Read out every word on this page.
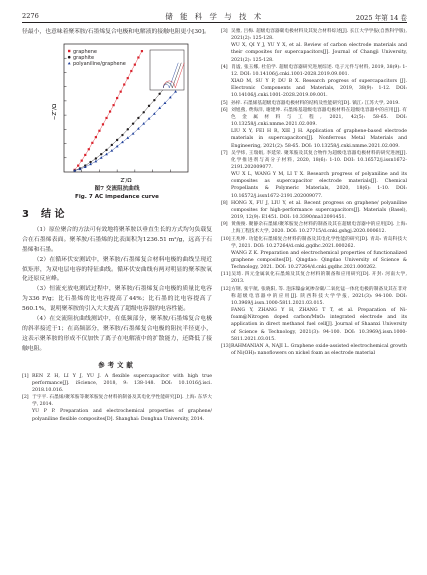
2276	储 能 科 学 与 技 术	2025 年第 14 卷

径最小，也意味着聚苯胺/石墨烯复合电极和电解液的接触电阻更小[30]。

−Z″/Ω
Z′/Ω
graphene
graphite
polyaniline/graphene

图7 交流阻抗曲线

Fig. 7 AC impedance curve

3 结 论

（1）原位聚合的方法可有效地将聚苯胺以垂直生长的方式均匀负载复合在石墨烯表面。聚苯胺/石墨烯的比表面积为1236.51 m²/g，远高于石墨烯和石墨。

（2）在循环伏安测试中，聚苯胺/石墨烯复合材料电极的曲线呈现近似矩形，为双电层电容的特征曲线。循环伏安曲线有两对明显的聚苯胺氧化还原反应峰。

（3）恒流充放电测试过程中，聚苯胺/石墨烯复合电极的质量比电容为336 F/g；比石墨烯的比电容提高了44%；比石墨的比电容提高了560.1%，说明聚苯胺的引入大大提高了超级电容器的电容性能。

（4）在交流阻抗曲线测试中，在低频部分，聚苯胺/石墨烯复合电极的斜率接近于1；在高频部分，聚苯胺/石墨烯复合电极的阻抗半径更小，这表示聚苯胺的形成不仅加快了离子在电解液中的扩散能力，还降低了接触电阻。

参考文献

[1] REN Z H, LI Y J, YU J. A flexible supercapacitor with high true performance[J]. iScience, 2018, 9: 138-148. DOI: 10.1016/j.isci. 2018.10.016.
[2] 于宇平. 石墨烯/聚苯胺等聚苯胺复合材料的制备及其电化学性能研究[D]. 上海: 东华大学, 2014.
YU P P. Preparation and electrochemical properties of graphene/ polyaniline flexible composites[D]. Shanghai: Donghua University, 2014.
[3] 吴雅, 吕梅. 超级电容器碳电极材料及其复合材料综述[J]. 长江大学学报(自然科学版), 2021(2): 125-128.
WU X, QI Y J, YU Y X, et al. Review of carbon electrode materials and their composites for supercapacitors[J]. Journal of Changji University, 2021(2): 125-128.
[4] 肖谧, 张玉娜, 杜伯学. 超级电容器研究进展综述. 电子元件与材料, 2019, 38(9): 1-12. DOI: 10.14106/j.cnki.1001-2028.2019.09.001.
XIAO M, SU Y P, DU B X. Research progress of supercapacitors [J]. Electronic Components and Materials, 2019, 38(9): 1-12. DOI: 10.14106/j.cnki.1001-2028.2019.09.001.
[5] 孙梓. 石墨烯基超级电容器电极材料的结构及性能研究[D]. 镇江: 江苏大学, 2019.
[6] 刘旭燕, 费海洋, 谢建坤. 石墨烯基超级电容器电极材料在超级电容器中的应用[J]. 有色金属材料与工程, 2021, 42(5): 58-65. DOI: 10.13258/j.cnki.nmme.2021.02.009.
LIU X Y, FEI H R, XIE J H. Application of graphene-based electrode materials in supercapacitors[J]. Nonferrous Metal Materials and Engineering, 2021(2): 58-65. DOI: 10.13258/j.cnki.nmme.2021.02.009.
[7] 吴学炜, 王瑞娟, 李延荣. 聚苯胺及其复合物作为超级电容器电极材料的研究进展[J]. 化学推进剂与高分子材料, 2020, 18(6): 1-10. DOI: 10.16572/j.issn1672-2191.202009077.
WU X L, WANG Y M, LI T X. Research progress of polyaniline and its composites as supercapacitor electrode materials[J]. Chemical Propellants & Polymeric Materials, 2020, 18(6): 1-10. DOI: 10.16572/j.issn1672-2191.202009077.
[8] HONG X, FU J, LIU Y, et al. Recent progress on graphene/ polyaniline composites for high-performance supercapacitors[J]. Materials (Basel), 2019, 12(9): E1451. DOI: 10.3390/ma12091451.
[9] 黄俊俊. 聚静杂石墨烯/聚苯胺复合材料的制备及其在超级电容器中的应用[D]. 上海: 上海工程技术大学, 2020. DOI: 10.27715/d.cnki.gshgj.2020.000612.
[10]王兆坤. 功能化石墨烯复合材料的制备及其电化学性能的研究[D]. 青岛: 青岛科技大学, 2021. DOI: 10.27264/d.cnki.gqdhc.2021.000262.
WANG Z K. Preparation and electrochemical properties of functionalized graphene composites[D]. Qingdao: Qingdao University of Science & Technology, 2021. DOI: 10.27264/d.cnki.gqdhc.2021.000262.
[11]吴琦. 四元金属氧化石墨烯及其复合材料的制备和应用研究[D]. 开封: 河南大学, 2013.
[12]方钢, 张宇航, 张晓阳, 等. 泡沫镍@氮掺杂碳/二氧化锰一体化电极的制备及其在非对称超级电容器中的应用[J]. 陕西科技大学学报, 2021(3): 94-100. DOI: 10.3969/j.issn.1000-5811.2021.03.015.
FANG Y, ZHANG Y H, ZHANG T T, et al. Preparation of Ni-foam@Nitrogen doped carbon/MnO₂ integrated electrode and its application in direct methanol fuel cell[J]. Journal of Shaanxi University of Science & Technology, 2021(3): 94-100. DOI: 10.3969/j.issn.1000-5811.2021.03.015.
[13]RAHMANIAN A, NAJI L. Graphene oxide-assisted electrochemical growth of Ni(OH)₂ nanoflowers on nickel foam as electrode material
